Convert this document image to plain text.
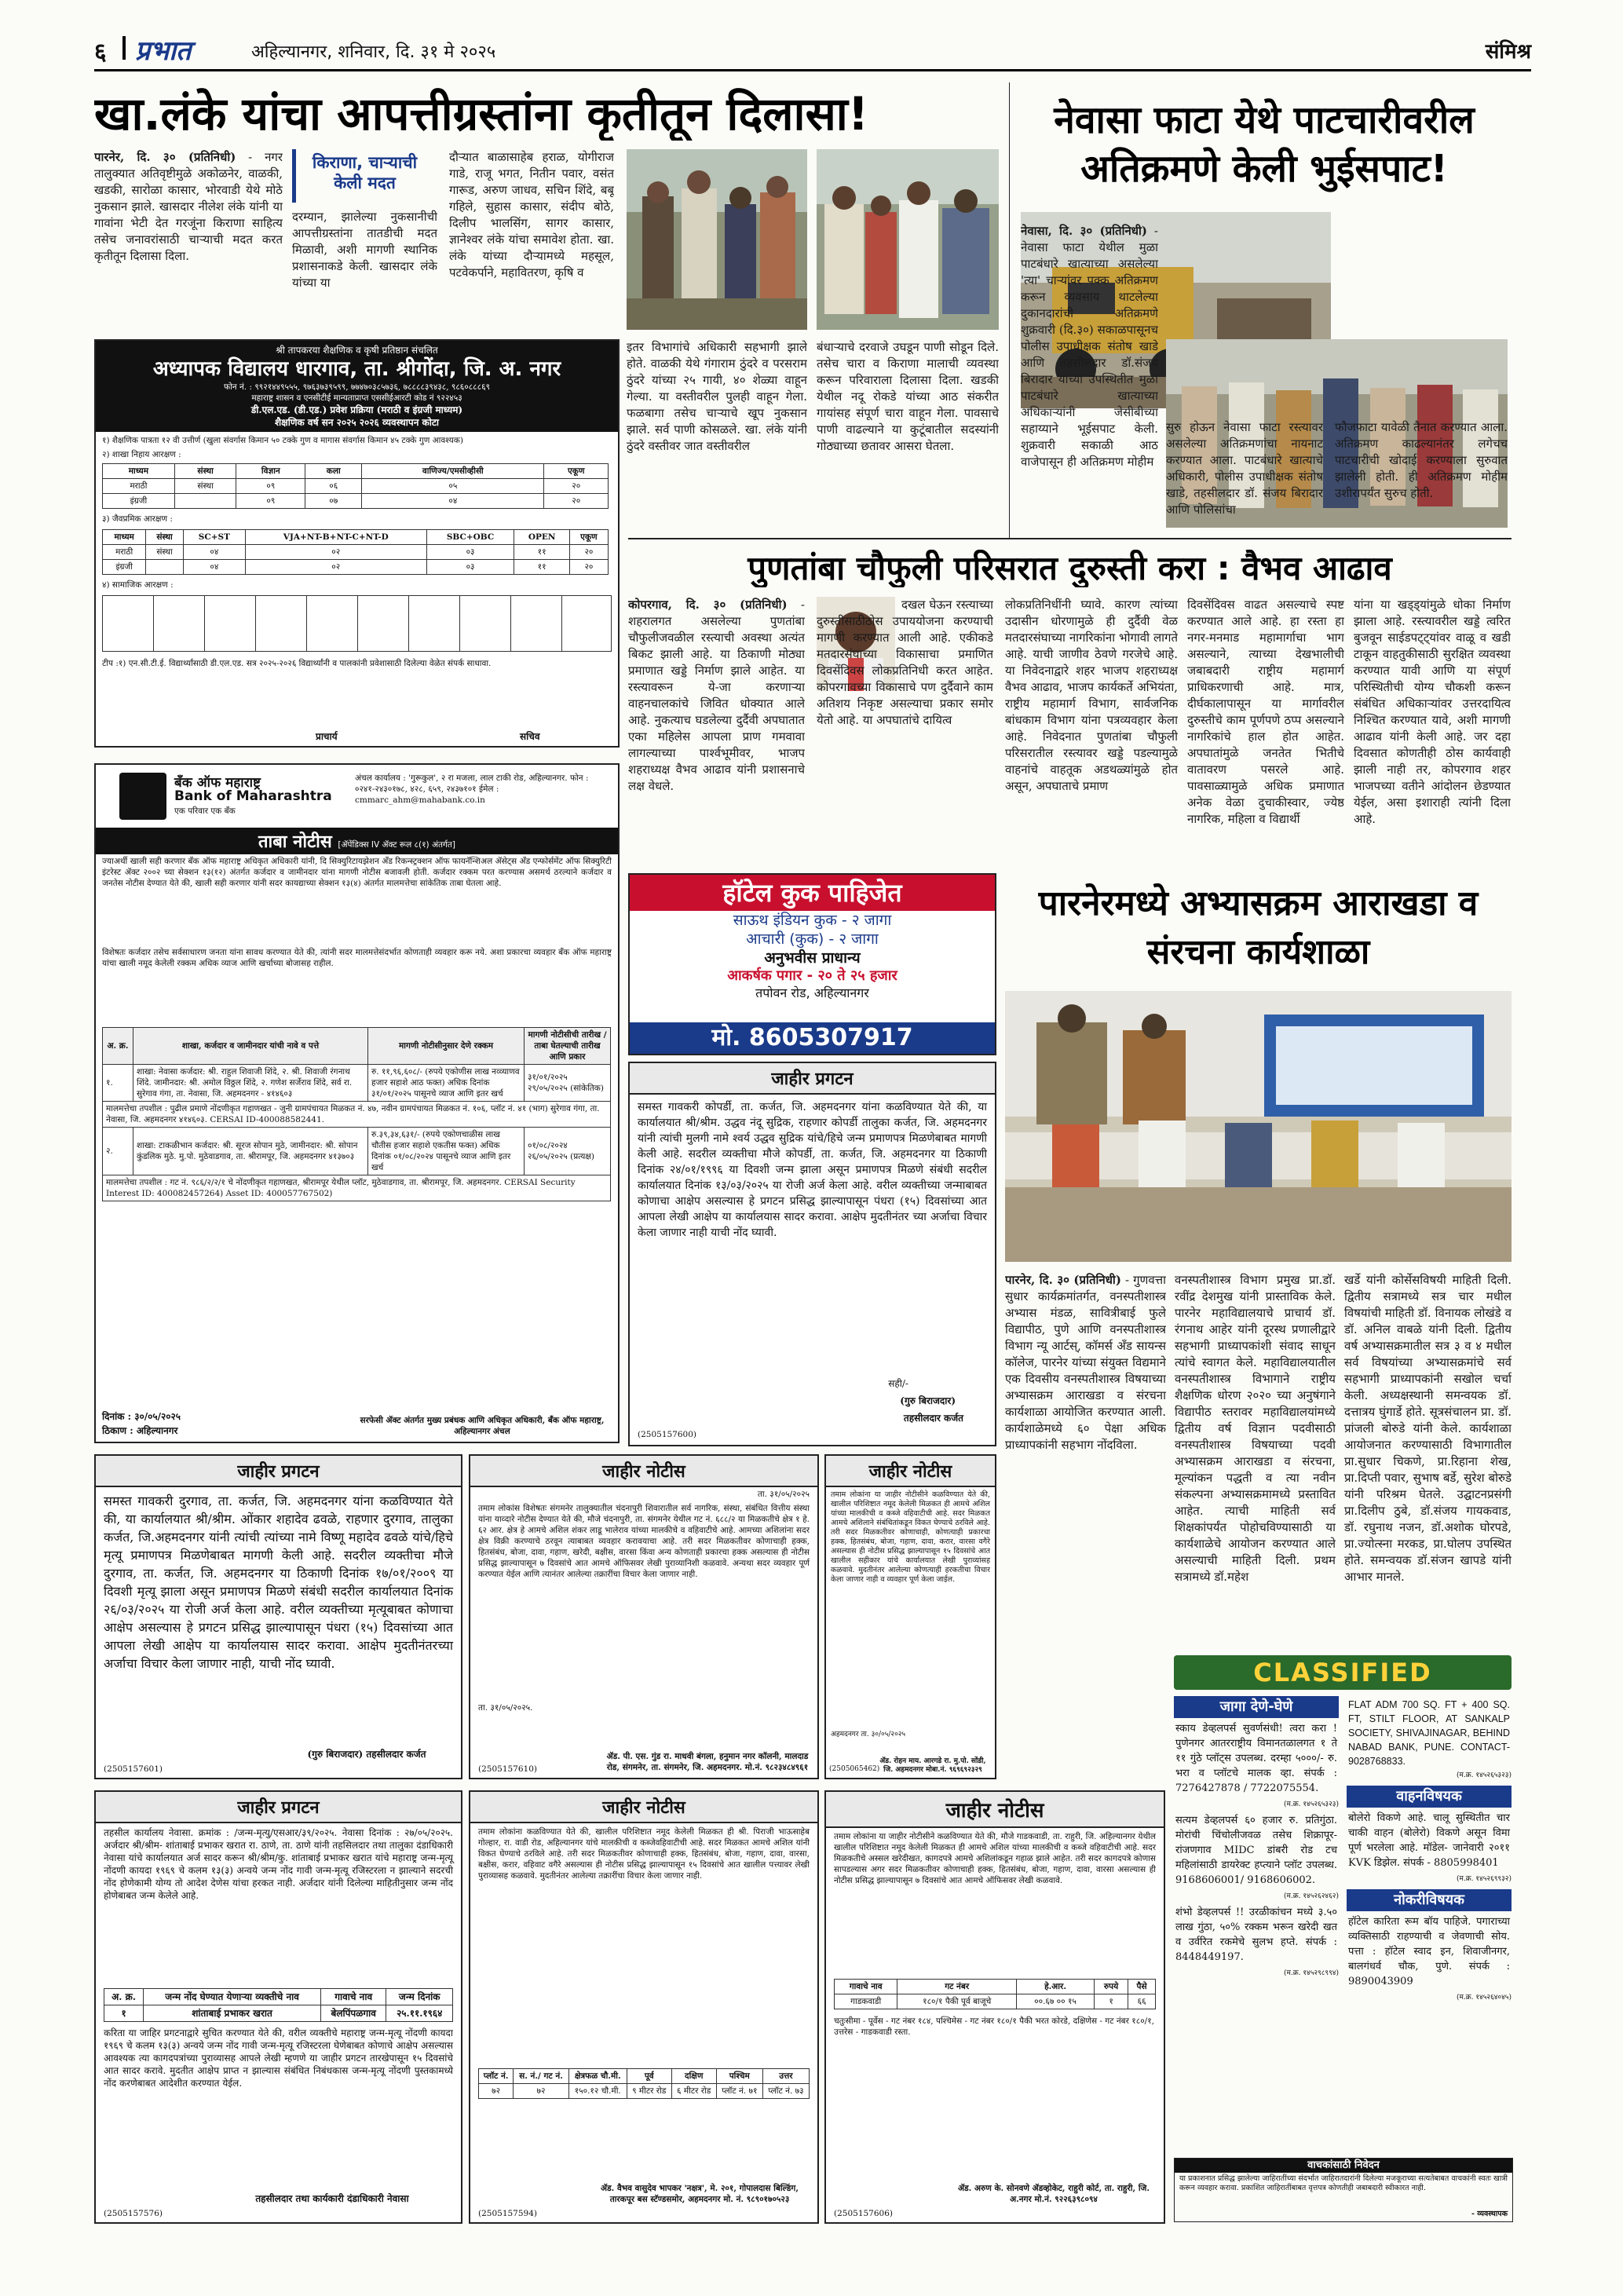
६ प्रभात	अहिल्यानगर, शनिवार, दि. ३१ मे २०२५	संमिश्र
खा.लंके यांचा आपत्तीग्रस्तांना कृतीतून दिलासा!
पारनेर, दि. ३० (प्रतिनिधी) - नगर तालुक्यात अतिवृष्टीमुळे अकोळनेर, वाळकी, खडकी, सारोळा कासार, भोरवाडी येथे मोठे नुकसान झाले. खासदार नीलेश लंके यांनी या गावांना भेटी देत गरजूंना किराणा साहित्य तसेच जनावरांसाठी चाऱ्याची मदत करत कृतीतून दिलासा दिला.
किराणा, चाऱ्याची केली मदत
दरम्यान, झालेल्या नुकसानीची आपत्तीग्रस्तांना तातडीची मदत मिळावी, अशी मागणी स्थानिक प्रशासनाकडे केली. खासदार लंके यांच्या या
दौऱ्यात बाळासाहेब हराळ, योगीराज गाडे, राजू भगत, नितीन पवार, वसंत गारूड, अरुण जाधव, सचिन शिंदे, बबू गहिले, सुहास कासार, संदीप बोठे, दिलीप भालसिंग, सागर कासार, ज्ञानेश्वर लंके यांचा समावेश होता. खा. लंके यांच्या दौऱ्यामध्ये महसूल, पटवेकर्पाने, महावितरण, कृषि व
श्री तापकरया शैक्षणिक व कृषी प्रतिष्ठान संचलित
अध्यापक विद्यालय धारगाव, ता. श्रीगोंदा, जि. अ. नगर
फोन नं. : ९९२१४४९५५५, ९७६३७३९५९९, ७७४७०३८५७३६, ७८८८८३९४३८, ९८६०८८८६९
महाराष्ट्र शासन व एनसीटीई मान्यताप्राप्त एससीईआरटी कोड नं ९२२४५३
डी.एल.एड. (डी.एड.) प्रवेश प्रक्रिया (मराठी व इंग्रजी माध्यम)
शैक्षणिक वर्ष सन २०२५ २०२६ व्यवस्थापन कोटा
१) शैक्षणिक पात्रता १२ वी उत्तीर्ण (खुला संवर्गास किमान ५० टक्के गुण व मागास संवर्गास किमान ४५ टक्के गुण आवश्यक)
२) शाखा निहाय आरक्षण :
माध्यम	संस्था	विज्ञान	कला	वाणिज्य/एमसीव्हीसी	एकूण
मराठी	संस्था	०९	०६	०५	२०
इंग्रजी		०९	०७	०४	२०
३) जैवप्रमिक आरक्षण :
माध्यम	संस्था	SC+ST	VJA+NT-B+NT-C+NT-D	SBC+OBC	OPEN	एकूण
मराठी	संस्था	०४	०२	०३	११	२०
इंग्रजी		०४	०२	०३	११	२०
४) सामाजिक आरक्षण :
टीप :१) एन.सी.टी.ई. विद्यार्थ्यांसाठी डी.एल.एड. सत्र २०२५-२०२६ विद्यार्थ्यांनी व पालकांनी प्रवेशासाठी दिलेल्या वेळेत संपर्क साधावा.
प्राचार्य	सचिव
इतर विभागांचे अधिकारी सहभागी झाले होते. वाळकी येथे गंगाराम ठुंदरे व परसराम ठुंदरे यांच्या २५ गायी, ४० शेळ्या वाहून गेल्या. या वस्तीवरील पुलही वाहून गेला. फळबागा तसेच चाऱ्याचे खूप नुकसान झाले. सर्व पाणी कोसळले. खा. लंके यांनी ठुंदरे वस्तीवर जात वस्तीवरील
बंधाऱ्याचे दरवाजे उघडून पाणी सोडून दिले. तसेच चारा व किराणा मालाची व्यवस्था करून परिवाराला दिलासा दिला. खडकी येथील नदू रोकडे यांच्या आठ संकरीत गायांसह संपूर्ण चारा वाहून गेला. पावसाचे पाणी वाढल्याने या कुटूंबातील सदस्यांनी गोठ्याच्या छतावर आसरा घेतला.
नेवासा फाटा येथे पाटचारीवरील अतिक्रमणे केली भुईसपाट!
नेवासा, दि. ३० (प्रतिनिधी) - नेवासा फाटा येथील मुळा पाटबंधारे खात्याच्या असलेल्या 'त्या' चाऱ्यांवर पक्क अतिक्रमण करून व्यवसाय थाटलेल्या दुकानदारांची अतिक्रमणे शुक्रवारी (दि.३०) सकाळपासूनच पोलीस उपाधीक्षक संतोष खाडे आणि तहसीलदार डॉ.संजय बिरादार यांच्या उपस्थितीत मुळा पाटबंधारे खात्याच्या अधिकाऱ्यांनी जेसीबीच्या सहाय्याने भूईसपाट केली. शुक्रवारी सकाळी आठ वाजेपासून ही अतिक्रमण मोहीम
सुरु होऊन नेवासा फाटा रस्त्यावर असलेल्या अतिक्रमणांचा नायनाट करण्यात आला. पाटबंधारे खात्याचे अधिकारी, पोलीस उपाधीक्षक संतोष खाडे, तहसीलदार डॉ. संजय बिरादार आणि पोलिसांचा
फौजफाटा यावेळी तैनात करण्यात आला. अतिक्रमण काढल्यानंतर लगेचच पाटचारीची खोदाई करण्याला सुरुवात झालेली होती. ही अतिक्रमण मोहीम उशीरापर्यंत सुरुच होती.
बँक ऑफ महाराष्ट्र
Bank of Maharashtra
एक परिवार एक बँक
अंचल कार्यालय : 'गुरूकुल', २ रा मजला, लाल टाकी रोड, अहिल्यानगर. फोन : ०२४१-२४३०१७८, ४२८, ६५९, २४३७१०१ ईमेल : cmmarc_ahm@mahabank.co.in
ताबा नोटीस [ॲपेंडिक्स IV ॲक्ट रूल ८(१) अंतर्गत]
ज्याअर्थी खाली सही करणार बँक ऑफ महाराष्ट्र अधिकृत अधिकारी यांनी, दि सिक्युरिटायझेशन अँड रिकन्स्ट्रक्शन ऑफ फायनॅन्शिअल ॲसेट्स अँड एन्फोर्समेंट ऑफ सिक्युरिटी इंटरेस्ट ॲक्ट २००२ च्या सेक्शन १३(१२) अंतर्गत कर्जदार व जामीनदार यांना मागणी नोटीस बजावली होती. कर्जदार रक्कम परत करण्यास असमर्थ ठरल्याने कर्जदार व जनतेस नोटीस देण्यात येते की, खाली सही करणार यांनी सदर कायद्याच्या सेक्शन १३(४) अंतर्गत मालमत्तेचा सांकेतिक ताबा घेतला आहे.
विशेषतः कर्जदार तसेच सर्वसाधारण जनता यांना सावध करण्यात येते की, त्यांनी सदर मालमत्तेसंदर्भात कोणताही व्यवहार करू नये. अशा प्रकारचा व्यवहार बँक ऑफ महाराष्ट्र यांचा खाली नमूद केलेली रक्कम अधिक व्याज आणि खर्चाच्या बोजासह राहील.
अ. क्र.	शाखा, कर्जदार व जामीनदार यांची नावे व पत्ते	मागणी नोटीसीनुसार देणे रक्कम	मागणी नोटीसीची तारीख / ताबा घेतल्याची तारीख आणि प्रकार
१.	शाखा: नेवासा कर्जदार: श्री. राहुल शिवाजी शिंदे, २. श्री. शिवाजी रंगनाथ शिंदे. जामीनदार: श्री. अमोल विठ्ठल शिंदे, २. गणेश सर्जेराव शिंदे, सर्व रा. सुरेगाव गंगा, ता. नेवासा, जि. अहमदनगर - ४१४६०३	रु. ११,९६,६०८/- (रुपये एकोणीस लाख नव्व्याणव हजार सहाशे आठ फक्त) अधिक दिनांक ३१/०१/२०२५ पासूनचे व्याज आणि इतर खर्च	३१/०१/२०२५ २९/०५/२०२५ (सांकेतिक)
मालमत्तेचा तपशील : पुढील प्रमाणे नोंदणीकृत गहाणखत - जुनी ग्रामपंचायत मिळकत नं. ४७, नवीन ग्रामपंचायत मिळकत नं. १०६, प्लॉट नं. ४१ (भाग) सुरेगाव गंगा, ता. नेवासा, जि. अहमदनगर ४१४६०३. CERSAI ID-400088582441.			
२.	शाखा: टाकळीभान कर्जदार: श्री. सूरज सोपान मुठे, जामीनदार: श्री. सोपान कुंडलिक मुठे. मु.पो. मुठेवाडगाव, ता. श्रीरामपूर, जि. अहमदनगर ४१३७०३	रु.३९,३४,६३१/- (रुपये एकोणचाळीस लाख चौतीस हजार सहाशे एकतीस फक्त) अधिक दिनांक ०१/०८/२०२४ पासूनचे व्याज आणि इतर खर्च	०१/०८/२०२४ २६/०५/२०२५ (प्रत्यक्ष)
मालमत्तेचा तपशील : गट नं. ९८६/२/२/१ चे नोंदणीकृत गहाणखत, श्रीरामपूर येथील प्लॉट, मुठेवाडगाव, ता. श्रीरामपूर, जि. अहमदनगर. CERSAI Security Interest ID: 400082457264) Asset ID: 400057767502)			
दिनांक : ३०/०५/२०२५
ठिकाण : अहिल्यानगर
सरफेसी ॲक्ट अंतर्गत मुख्य प्रबंधक आणि अधिकृत अधिकारी, बँक ऑफ महाराष्ट्र, अहिल्यानगर अंचल
पुणतांबा चौफुली परिसरात दुरुस्ती करा : वैभव आढाव
कोपरगाव, दि. ३० (प्रतिनिधी) - शहरालगत असलेल्या पुणतांबा चौफुलीजवळील रस्त्याची अवस्था अत्यंत बिकट झाली आहे. या ठिकाणी मोठ्या प्रमाणात खड्डे निर्माण झाले आहेत. या रस्त्यावरून ये-जा करणाऱ्या वाहनचालकांचे जिवित धोक्यात आले आहे. नुकत्याच घडलेल्या दुर्दैवी अपघातात एका महिलेस आपला प्राण गमवावा लागल्याच्या पार्श्वभूमीवर, भाजप शहराध्यक्ष वैभव आढाव यांनी प्रशासनाचे लक्ष वेधले.
दखल घेऊन रस्त्याच्या दुरुस्तीसाठीठोस उपाययोजना करण्याची मागणी करण्यात आली आहे. एकीकडे मतदारसंघाच्या विकासाचा प्रमाणित दिवसेंदिवस लोकप्रतिनिधी करत आहेत. कोपरगावच्या विकासाचे पण दुर्दैवाने काम अतिशय निकृष्ट असल्याचा प्रकार समोर येतो आहे. या अपघातांचे दायित्व
लोकप्रतिनिधींनी घ्यावे. कारण त्यांच्या उदासीन धोरणामुळे ही दुर्दैवी वेळ मतदारसंघाच्या नागरिकांना भोगावी लागते आहे. याची जाणीव ठेवणे गरजेचे आहे. या निवेदनाद्वारे शहर भाजप शहराध्यक्ष वैभव आढाव, भाजप कार्यकर्ते अभियंता, राष्ट्रीय महामार्ग विभाग, सार्वजनिक बांधकाम विभाग यांना पत्रव्यवहार केला आहे. निवेदनात पुणतांबा चौफुली परिसरातील रस्त्यावर खड्डे पडल्यामुळे वाहनांचे वाहतूक अडथळ्यांमुळे होत असून, अपघाताचे प्रमाण
दिवसेंदिवस वाढत असल्याचे स्पष्ट करण्यात आले आहे. हा रस्ता हा नगर-मनमाड महामार्गाचा भाग असल्याने, त्याच्या देखभालीची जबाबदारी राष्ट्रीय महामार्ग प्राधिकरणाची आहे. मात्र, दीर्घकालापासून या मार्गावरील दुरुस्तीचे काम पूर्णपणे ठप्प असल्याने नागरिकांचे हाल होत आहेत. अपघातांमुळे जनतेत भितीचे वातावरण पसरले आहे. पावसाळ्यामुळे अधिक प्रमाणात अनेक वेळा दुचाकीस्वार, ज्येष्ठ नागरिक, महिला व विद्यार्थी
यांना या खड्ड्यांमुळे धोका निर्माण झाला आहे. रस्त्यावरील खड्डे त्वरित बुजवून साईडपट्ट्यांवर वाळू व खडी टाकून वाहतुकीसाठी सुरक्षित व्यवस्था करण्यात यावी आणि या संपूर्ण परिस्थितीची योग्य चौकशी करून संबंधित अधिकाऱ्यांवर उत्तरदायित्व निश्चित करण्यात यावे, अशी मागणी आढाव यांनी केली आहे. जर दहा दिवसात कोणतीही ठोस कार्यवाही झाली नाही तर, कोपरगाव शहर भाजपच्या वतीने आंदोलन छेडण्यात येईल, असा इशाराही त्यांनी दिला आहे.
हॉटेल कुक पाहिजेत
साऊथ इंडियन कुक - २ जागा
आचारी (कुक) - २ जागा
अनुभवीस प्राधान्य
आकर्षक पगार - २० ते २५ हजार
तपोवन रोड, अहिल्यानगर
मो. 8605307917
जाहीर प्रगटन
समस्त गावकरी कोपर्डी, ता. कर्जत, जि. अहमदनगर यांना कळविण्यात येते की, या कार्यालयात श्री/श्रीम. उद्धव नंदू सुद्रिक, राहणार कोपर्डी तालुका कर्जत, जि. अहमदनगर यांनी त्यांची मुलगी नामे श्वर्य उद्धव सुद्रिक यांचे/हिचे जन्म प्रमाणपत्र मिळणेबाबत मागणी केली आहे. सदरील व्यक्तीचा मौजे कोपर्डी, ता. कर्जत, जि. अहमदनगर या ठिकाणी दिनांक २४/०१/१९९६ या दिवशी जन्म झाला असून प्रमाणपत्र मिळणे संबंधी सदरील कार्यालयात दिनांक १३/०३/२०२५ या रोजी अर्ज केला आहे. वरील व्यक्तीच्या जन्माबाबत कोणाचा आक्षेप असल्यास हे प्रगटन प्रसिद्ध झाल्यापासून पंधरा (१५) दिवसांच्या आत आपला लेखी आक्षेप या कार्यालयास सादर करावा. आक्षेप मुदतीनंतर च्या अर्जाचा विचार केला जाणार नाही याची नोंद घ्यावी.
सही/-
(गुरु बिराजदार)
तहसीलदार कर्जत
(2505157600)
पारनेरमध्ये अभ्यासक्रम आराखडा व संरचना कार्यशाळा
पारनेर, दि. ३० (प्रतिनिधी) - गुणवत्ता सुधार कार्यक्रमांतर्गत, वनस्पतीशास्त्र अभ्यास मंडळ, सावित्रीबाई फुले विद्यापीठ, पुणे आणि वनस्पतीशास्त्र विभाग न्यू आर्टस्, कॉमर्स अँड सायन्स कॉलेज, पारनेर यांच्या संयुक्त विद्यमाने एक दिवसीय वनस्पतीशास्त्र विषयाच्या अभ्यासक्रम आराखडा व संरचना कार्यशाळा आयोजित करण्यात आली. कार्यशाळेमध्ये ६० पेक्षा अधिक प्राध्यापकांनी सहभाग नोंदविला.
वनस्पतीशास्त्र विभाग प्रमुख प्रा.डॉ. रवींद्र देशमुख यांनी प्रास्ताविक केले. पारनेर महाविद्यालयाचे प्राचार्य डॉ. रंगनाथ आहेर यांनी दूरस्थ प्रणालीद्वारे सहभागी प्राध्यापकांशी संवाद साधून त्यांचे स्वागत केले. महाविद्यालयातील वनस्पतीशास्त्र विभागाने राष्ट्रीय शैक्षणिक धोरण २०२० च्या अनुषंगाने विद्यापीठ स्तरावर महाविद्यालयांमध्ये द्वितीय वर्ष विज्ञान पदवीसाठी वनस्पतीशास्त्र विषयाच्या पदवी अभ्यासक्रम आराखडा व संरचना, मूल्यांकन पद्धती व त्या नवीन संकल्पना अभ्यासक्रमामध्ये प्रस्तावित आहेत. त्याची माहिती सर्व शिक्षकांपर्यंत पोहोचविण्यासाठी या कार्यशाळेचे आयोजन करण्यात आले असल्याची माहिती दिली. प्रथम सत्रामध्ये डॉ.महेश
खर्डे यांनी कोर्सेसविषयी माहिती दिली. द्वितीय सत्रामध्ये सत्र चार मधील विषयांची माहिती डॉ. विनायक लोखंडे व डॉ. अनिल वाबळे यांनी दिली. द्वितीय वर्ष अभ्यासक्रमातील सत्र ३ व ४ मधील सर्व विषयांच्या अभ्यासक्रमांचे सर्व सहभागी प्राध्यापकांनी सखोल चर्चा केली. अध्यक्षस्थानी समन्वयक डॉ. दत्तात्रय घुंगार्डे होते. सूत्रसंचालन प्रा. डॉ. प्रांजली बोरुडे यांनी केले. कार्यशाळा आयोजनात करण्यासाठी विभागातील प्रा.सुधार चिकणे, प्रा.रिहाना शेख, प्रा.दिप्ती पवार, सुभाष बर्डे, सुरेश बोरुडे यांनी परिश्रम घेतले. उद्घाटनप्रसंगी प्रा.दिलीप ठुबे, डॉ.संजय गायकवाड, डॉ. रघुनाथ नजन, डॉ.अशोक घोरपडे, प्रा.ज्योत्स्ना मरकड, प्रा.घोलप उपस्थित होते. समन्वयक डॉ.संजन खापडे यांनी आभार मानले.
जाहीर प्रगटन
समस्त गावकरी दुरगाव, ता. कर्जत, जि. अहमदनगर यांना कळविण्यात येते की, या कार्यालयात श्री/श्रीम. ओंकार शहादेव ढवळे, राहणार दुरगाव, तालुका कर्जत, जि.अहमदनगर यांनी त्यांची त्यांच्या नामे विष्णू महादेव ढवळे यांचे/हिचे मृत्यू प्रमाणपत्र मिळणेबाबत मागणी केली आहे. सदरील व्यक्तीचा मौजे दुरगाव, ता. कर्जत, जि. अहमदनगर या ठिकाणी दिनांक १७/०१/२००९ या दिवशी मृत्यू झाला असून प्रमाणपत्र मिळणे संबंधी सदरील कार्यालयात दिनांक २६/०३/२०२५ या रोजी अर्ज केला आहे. वरील व्यक्तीच्या मृत्यूबाबत कोणाचा आक्षेप असल्यास हे प्रगटन प्रसिद्ध झाल्यापासून पंधरा (१५) दिवसांच्या आत आपला लेखी आक्षेप या कार्यालयास सादर करावा. आक्षेप मुदतीनंतरच्या अर्जाचा विचार केला जाणार नाही, याची नोंद घ्यावी.
(गुरु बिराजदार) तहसीलदार कर्जत
(2505157601)
जाहीर नोटीस
ता. ३१/०५/२०२५
तमाम लोकांस विशेषतः संगमनेर तालुक्यातील चंदनापुरी शिवारातील सर्व नागरिक, संस्था, संबंधित वित्तीय संस्था यांना याव्दारे नोटीस देण्यात येते की, मौजे चंदनापुरी, ता. संगमनेर येथील गट नं. ६८८/२ या मिळकतीचे क्षेत्र १ हे. ६२ आर. क्षेत्र हे आमचे अशिल शंकर लाडू भालेराव यांच्या मालकीचे व वहिवाटीचे आहे. आमच्या अशिलांना सदर क्षेत्र विक्री करण्याचे ठरवून त्याबाबत व्यवहार करावयाचा आहे. तरी सदर मिळकतीवर कोणाचाही हक्क, हितसंबंध, बोजा, दावा, गहाण, खरेदी, बक्षीस, वारसा किंवा अन्य कोणताही प्रकारचा हक्क असल्यास ही नोटीस प्रसिद्ध झाल्यापासून ७ दिवसांचे आत आमचे ऑफिसवर लेखी पुराव्यानिशी कळवावे. अन्यथा सदर व्यवहार पूर्ण करण्यात येईल आणि त्यानंतर आलेल्या तक्रारींचा विचार केला जाणार नाही.
ता. ३१/०५/२०२५.
ॲड. पी. एस. गुंड रा. माधवी बंगला, हनुमान नगर कॉलनी, मालदाड रोड, संगमनेर, ता. संगमनेर, जि. अहमदनगर. मो.नं. ९८२३४८४९६१
(2505157610)
जाहीर नोटीस
तमाम लोकांना या जाहीर नोटीसीने कळविण्यात येते की, खालील परिशिष्टात नमूद केलेली मिळकत ही आमचे अशिल यांच्या मालकीची व कब्जे वहिवाटीची आहे. सदर मिळकत आमचे अशिलाने संबंधितांकडून विकत घेण्याचे ठरविले आहे. तरी सदर मिळकतीवर कोणाचाही, कोणत्याही प्रकारचा हक्क, हितसंबंध, बोजा, गहाण, दावा, करार, वारसा वगैरे असल्यास ही नोटीस प्रसिद्ध झाल्यापासून १५ दिवसांचे आत खालील सहीकार यांचे कार्यालयात लेखी पुराव्यांसह कळवावे. मुदतीनंतर आलेल्या कोणत्याही हरकतीचा विचार केला जाणार नाही व व्यवहार पूर्ण केला जाईल.
अहमदनगर ता. ३०/०५/२०२५
ॲड. रोहन माय. आरगडे रा. मु.पो. सोंडी, जि. अहमदनगर मोबा.नं. ९६९६९२३२९
(2505065462)
जाहीर प्रगटन
तहसील कार्यालय नेवासा. क्रमांक : /जन्म-मृत्यु/एसआर/३९/२०२५. नेवासा दिनांक : २७/०५/२०२५. अर्जदार श्री/श्रीम- शांताबाई प्रभाकर खरात रा. ठाणे, ता. ठाणे यांनी तहसिलदार तथा तालुका दंडाधिकारी नेवासा यांचे कार्यालयात अर्ज सादर करून श्री/श्रीम/कु. शांताबाई प्रभाकर खरात यांचे महाराष्ट्र जन्म-मृत्यू नोंदणी कायदा १९६९ चे कलम १३(३) अन्वये जन्म नोंद गावी जन्म-मृत्यू रजिस्टरला न झाल्याने सदरची नोंद होणेकामी योग्य तो आदेश देणेस यांचा हरकत नाही. अर्जदार यांनी दिलेल्या माहितीनुसार जन्म नोंद होणेबाबत जन्म केलेले आहे.
अ. क्र.	जन्म नोंद घेण्यात येणाऱ्या व्यक्तीचे नाव	गावाचे नाव	जन्म दिनांक
१	शांताबाई प्रभाकर खरात	बेलपिंपळगाव	२५.११.१९६४
करिता या जाहिर प्रगटनाद्वारे सुचित करण्यात येते की, वरील व्यक्तीचे महाराष्ट्र जन्म-मृत्यू नोंदणी कायदा १९६९ चे कलम १३(३) अन्वये जन्म नोंद गावी जन्म-मृत्यू रजिस्टरला घेणेबाबत कोणाचे आक्षेप असल्यास आवश्यक त्या कागदपत्रांच्या पुराव्यासह आपले लेखी म्हणणे या जाहीर प्रगटन तारखेपासून १५ दिवसांचे आत सादर करावे. मुदतीत आक्षेप प्राप्त न झाल्यास संबंधित निबंधकास जन्म-मृत्यू नोंदणी पुस्तकामध्ये नोंद करणेबाबत आदेशीत करण्यात येईल.
तहसीलदार तथा कार्यकारी दंडाधिकारी नेवासा
(2505157576)
जाहीर नोटीस
तमाम लोकांना कळविण्यात येते की, खालील परिशिष्टात नमूद केलेली मिळकत ही श्री. पिराजी भाऊसाहेब गोल्हार, रा. वाडी रोड, अहिल्यानगर यांचे मालकीची व कब्जेवहिवाटीची आहे. सदर मिळकत आमचे अशिल यांनी विकत घेण्याचे ठरविले आहे. तरी सदर मिळकतीवर कोणाचाही हक्क, हितसंबंध, बोजा, गहाण, दावा, वारसा, बक्षीस, करार, वहिवाट वगैरे असल्यास ही नोटीस प्रसिद्ध झाल्यापासून १५ दिवसांचे आत खालील पत्त्यावर लेखी पुराव्यासह कळवावे. मुदतीनंतर आलेल्या तक्रारींचा विचार केला जाणार नाही.
प्लॉट नं.	स. नं./ गट नं.	क्षेत्रफळ चौ.मी.	पूर्व	दक्षिण	पश्चिम	उत्तर
७२	७२	१५०.१२ चौ.मी.	९ मीटर रोड	६ मीटर रोड	प्लॉट नं. ७१	प्लॉट नं. ७३
ॲड. वैभव वासुदेव भापकर 'नक्षत्र', मे. २०१, गोपालदास बिल्डिंग, तारकपूर बस स्टॅण्डसमोर, अहमदनगर मो. नं. ९८९०१७०५२३
(2505157594)
जाहीर नोटीस
तमाम लोकांना या जाहीर नोटीसीने कळविण्यात येते की, मौजे गाडकवाडी, ता. राहुरी, जि. अहिल्यानगर येथील खालील परिशिष्टात नमूद केलेली मिळकत ही आमचे अशिल यांच्या मालकीची व कब्जे वहिवाटीची आहे. सदर मिळकतीचे अस्सल खरेदीखत, कागदपत्रे आमचे अशिलांकडून गहाळ झाले आहेत. तरी सदर कागदपत्रे कोणास सापडल्यास अगर सदर मिळकतीवर कोणाचाही हक्क, हितसंबंध, बोजा, गहाण, दावा, वारसा असल्यास ही नोटीस प्रसिद्ध झाल्यापासून ७ दिवसांचे आत आमचे ऑफिसवर लेखी कळवावे.
गावाचे नाव	गट नंबर	हे.आर.	रुपये	पैसे
गाडकवाडी	१८०/१ पैकी पूर्व बाजूचे	००.६७ ०० १५	१	६६
चतुःसीमा - पूर्वेस - गट नंबर १८४, पश्चिमेस - गट नंबर १८०/१ पैकी भरत कोरडे, दक्षिणेस - गट नंबर १८०/१, उत्तरेस - गाडकवाडी रस्ता.
ॲड. अरुण के. सोनवणे ॲडव्होकेट, राहुरी कोर्ट, ता. राहुरी, जि. अ.नगर मो.नं. ९२२६३९८०९४
(2505157606)
CLASSIFIED
जागा देणे-घेणे
स्काय डेव्हलपर्स सुवर्णसंधी! त्वरा करा ! पुणेनगर आतरराष्ट्रीय विमानतळालगत १ ते ११ गुंठे प्लॉट्स उपलब्ध. दरम्हा ५०००/- रु. भरा व प्लॉटचे मालक व्हा. संपर्क : 7276427878 / 7722075554.
(म.क्र. १४५२६५३२३)
सत्यम डेव्हलपर्स ६० हजार रु. प्रतिगुंठा. मोरांची चिंचोलीजवळ तसेच शिक्रापूर-रांजणगाव MIDC डांबरी रोड टच महिलांसाठी डायरेक्ट हप्त्याने प्लॉट उपलब्ध. 9168606001/ 9168606002.
(म.क्र. १४५२६२४६२)
शंभो डेव्हलपर्स !! उरळीकांचन मध्ये ३.५० लाख गुंठा, ५०% रक्कम भरून खरेदी खत व उर्वरित रकमेचे सुलभ हप्ते. संपर्क : 8448449197.
(म.क्र. १४५२९८९९४)
FLAT ADM 700 SQ. FT + 400 SQ. FT, STILT FLOOR, AT SANKALP SOCIETY, SHIVAJINAGAR, BEHIND NABAD BANK, PUNE. CONTACT-9028768833.
(म.क्र. १४५२६५३२३)
वाहनविषयक
बोलेरो विकणे आहे. चालू सुस्थितीत चार चाकी वाहन (बोलेरो) विकणे असून विमा पूर्ण भरलेला आहे. मॉडेल- जानेवारी २०११ KVK डिझेल. संपर्क - 8805998401
(म.क्र. १४५२६९९३२)
नोकरीविषयक
हॉटेल कारिता रूम बॉय पाहिजे. पगाराच्या व्यक्तिसाठी राहण्याची व जेवणाची सोय. पत्ता : हॉटेल स्वाद इन, शिवाजीनगर, बालगंधर्व चौक, पुणे. संपर्क : 9890043909
(म.क्र. १४५२६४०४५)
वाचकांसाठी निवेदन
या प्रकाशनात प्रसिद्ध झालेल्या जाहिरातींच्या संदर्भात जाहिरातदारांनी दिलेल्या मजकूराच्या सत्यतेबाबत वाचकांनी स्वतः खात्री करून व्यवहार करावा. प्रकाशित जाहिरातींबाबत वृत्तपत्र कोणतीही जबाबदारी स्वीकारत नाही.
- व्यवस्थापक
